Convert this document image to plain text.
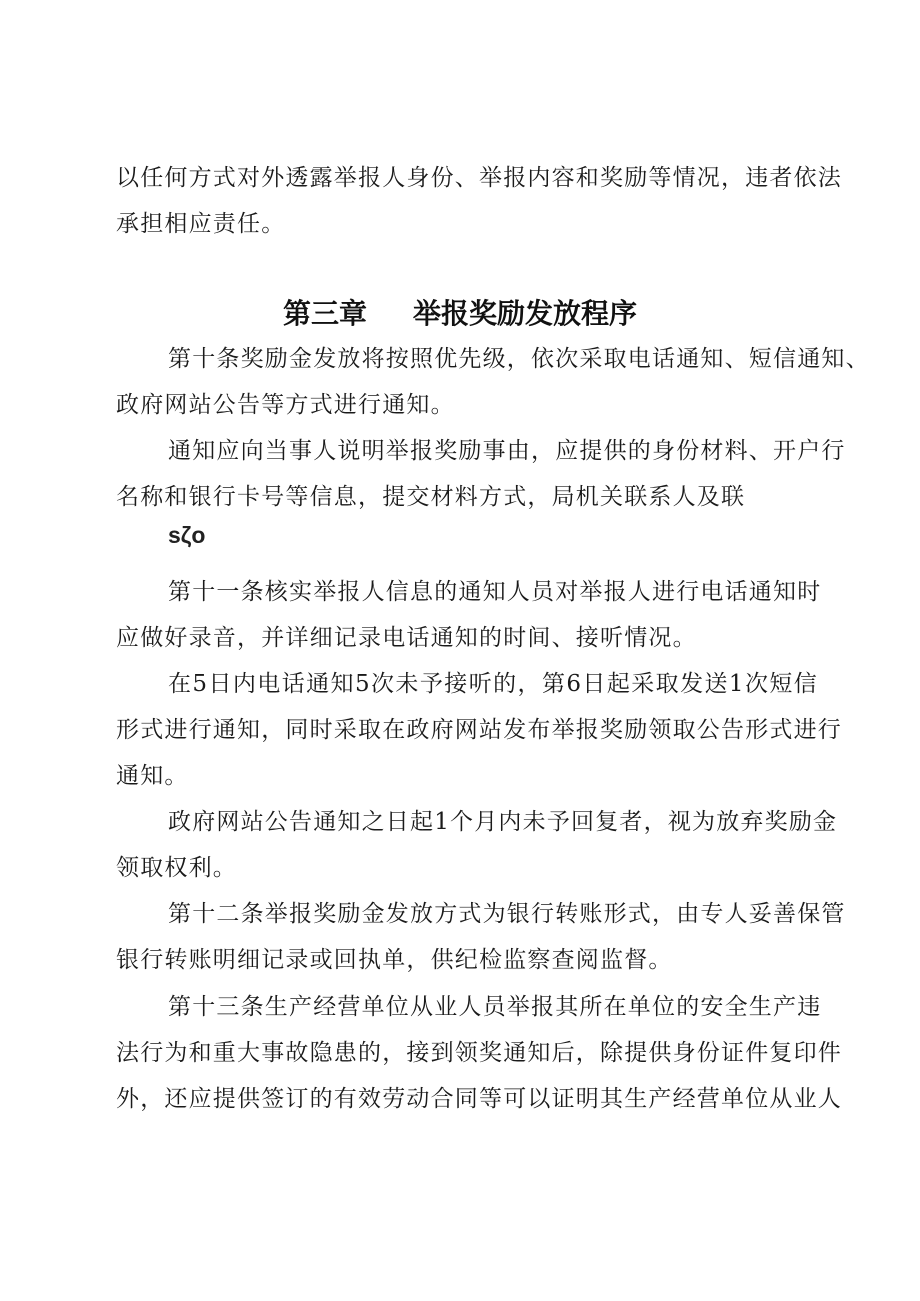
以任何方式对外透露举报人身份、举报内容和奖励等情况，违者依法
承担相应责任。
第三章 举报奖励发放程序
第十条奖励金发放将按照优先级，依次采取电话通知、短信通知、
政府网站公告等方式进行通知。
通知应向当事人说明举报奖励事由，应提供的身份材料、开户行
名称和银行卡号等信息，提交材料方式，局机关联系人及联
sζo
第十一条核实举报人信息的通知人员对举报人进行电话通知时
应做好录音，并详细记录电话通知的时间、接听情况。
在5日内电话通知5次未予接听的，第6日起采取发送1次短信
形式进行通知，同时采取在政府网站发布举报奖励领取公告形式进行
通知。
政府网站公告通知之日起1个月内未予回复者，视为放弃奖励金
领取权利。
第十二条举报奖励金发放方式为银行转账形式，由专人妥善保管
银行转账明细记录或回执单，供纪检监察查阅监督。
第十三条生产经营单位从业人员举报其所在单位的安全生产违
法行为和重大事故隐患的，接到领奖通知后，除提供身份证件复印件
外，还应提供签订的有效劳动合同等可以证明其生产经营单位从业人
